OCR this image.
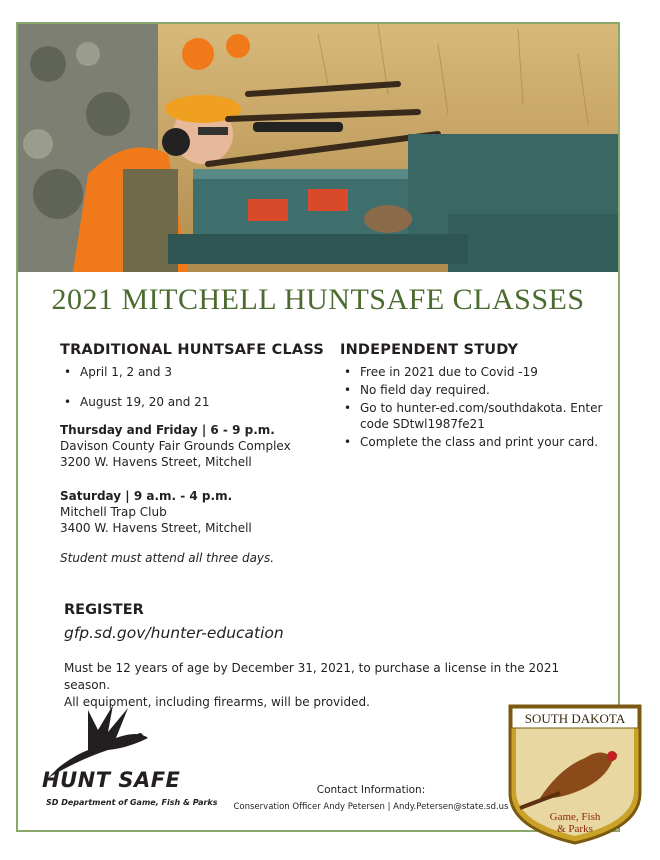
2021 MITCHELL HUNTSAFE CLASSES
TRADITIONAL HUNTSAFE CLASS
• April 1, 2 and 3
• August 19, 20 and 21
Thursday and Friday | 6 - 9 p.m.
Davison County Fair Grounds Complex
3200 W. Havens Street, Mitchell
Saturday | 9 a.m. - 4 p.m.
Mitchell Trap Club
3400 W. Havens Street, Mitchell
Student must attend all three days.
INDEPENDENT STUDY
• Free in 2021 due to Covid -19
• No field day required.
• Go to hunter-ed.com/southdakota. Enter code SDtwl1987fe21
• Complete the class and print your card.
REGISTER
gfp.sd.gov/hunter-education

Must be 12 years of age by December 31, 2021, to purchase a license in the 2021 season.
All equipment, including firearms, will be provided.

HUNT SAFE
SD Department of Game, Fish & Parks
Contact Information:
Conservation Officer Andy Petersen | Andy.Petersen@state.sd.us
SOUTH DAKOTA
Game, Fish
& Parks
